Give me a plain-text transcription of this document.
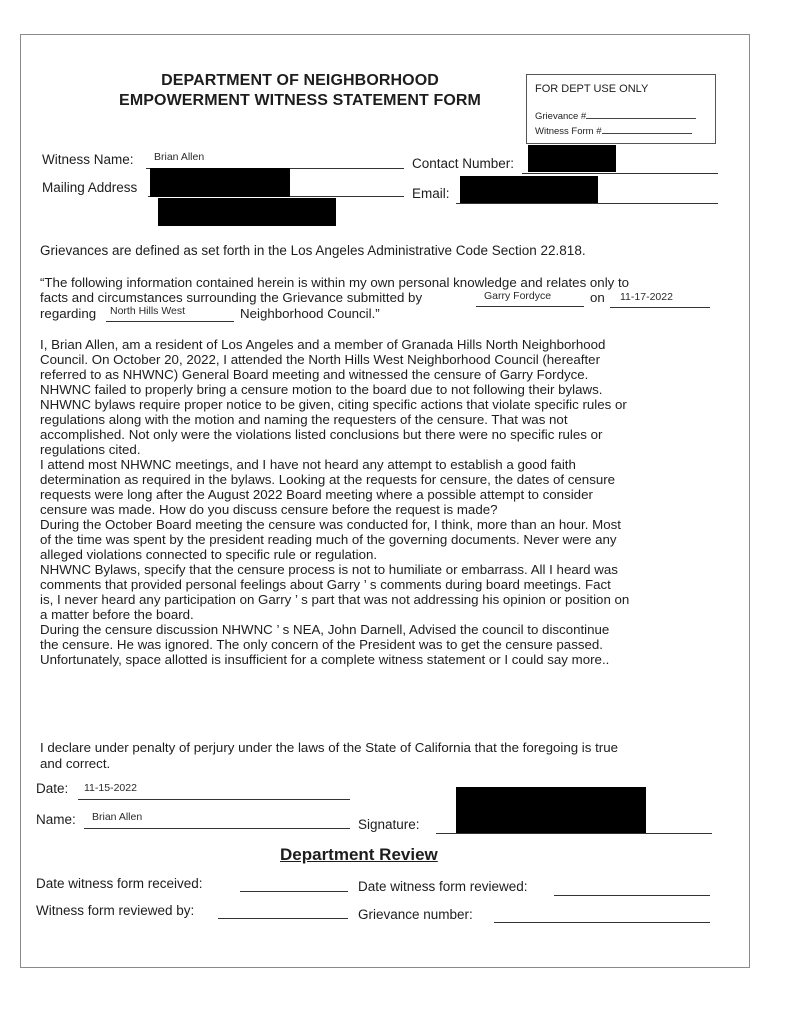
DEPARTMENT OF NEIGHBORHOOD
EMPOWERMENT WITNESS STATEMENT FORM
FOR DEPT USE ONLY
Grievance #
Witness Form #
Witness Name: Brian Allen	Contact Number:
Mailing Address	Email:
Grievances are defined as set forth in the Los Angeles Administrative Code Section 22.818.
“The following information contained herein is within my own personal knowledge and relates only to
facts and circumstances surrounding the Grievance submitted by	Garry Fordyce	on 11-17-2022
regarding North Hills West	Neighborhood Council.”

I, Brian Allen, am a resident of Los Angeles and a member of Granada Hills North Neighborhood

Council. On October 20, 2022, I attended the North Hills West Neighborhood Council (hereafter

referred to as NHWNC) General Board meeting and witnessed the censure of Garry Fordyce.

NHWNC failed to properly bring a censure motion to the board due to not following their bylaws.

NHWNC bylaws require proper notice to be given, citing specific actions that violate specific rules or

regulations along with the motion and naming the requesters of the censure. That was not

accomplished. Not only were the violations listed conclusions but there were no specific rules or

regulations cited.

I attend most NHWNC meetings, and I have not heard any attempt to establish a good faith

determination as required in the bylaws. Looking at the requests for censure, the dates of censure

requests were long after the August 2022 Board meeting where a possible attempt to consider

censure was made. How do you discuss censure before the request is made?

During the October Board meeting the censure was conducted for, I think, more than an hour. Most

of the time was spent by the president reading much of the governing documents. Never were any

alleged violations connected to specific rule or regulation.

NHWNC Bylaws, specify that the censure process is not to humiliate or embarrass. All I heard was

comments that provided personal feelings about Garry ’ s comments during board meetings. Fact

is, I never heard any participation on Garry ’ s part that was not addressing his opinion or position on

a matter before the board.

During the censure discussion NHWNC ’ s NEA, John Darnell, Advised the council to discontinue

the censure. He was ignored. The only concern of the President was to get the censure passed.

Unfortunately, space allotted is insufficient for a complete witness statement or I could say more..

I declare under penalty of perjury under the laws of the State of California that the foregoing is true
and correct.
Date: 11-15-2022
Name: Brian Allen	Signature:
Department Review
Date witness form received:	Date witness form reviewed:
Witness form reviewed by:	Grievance number:
